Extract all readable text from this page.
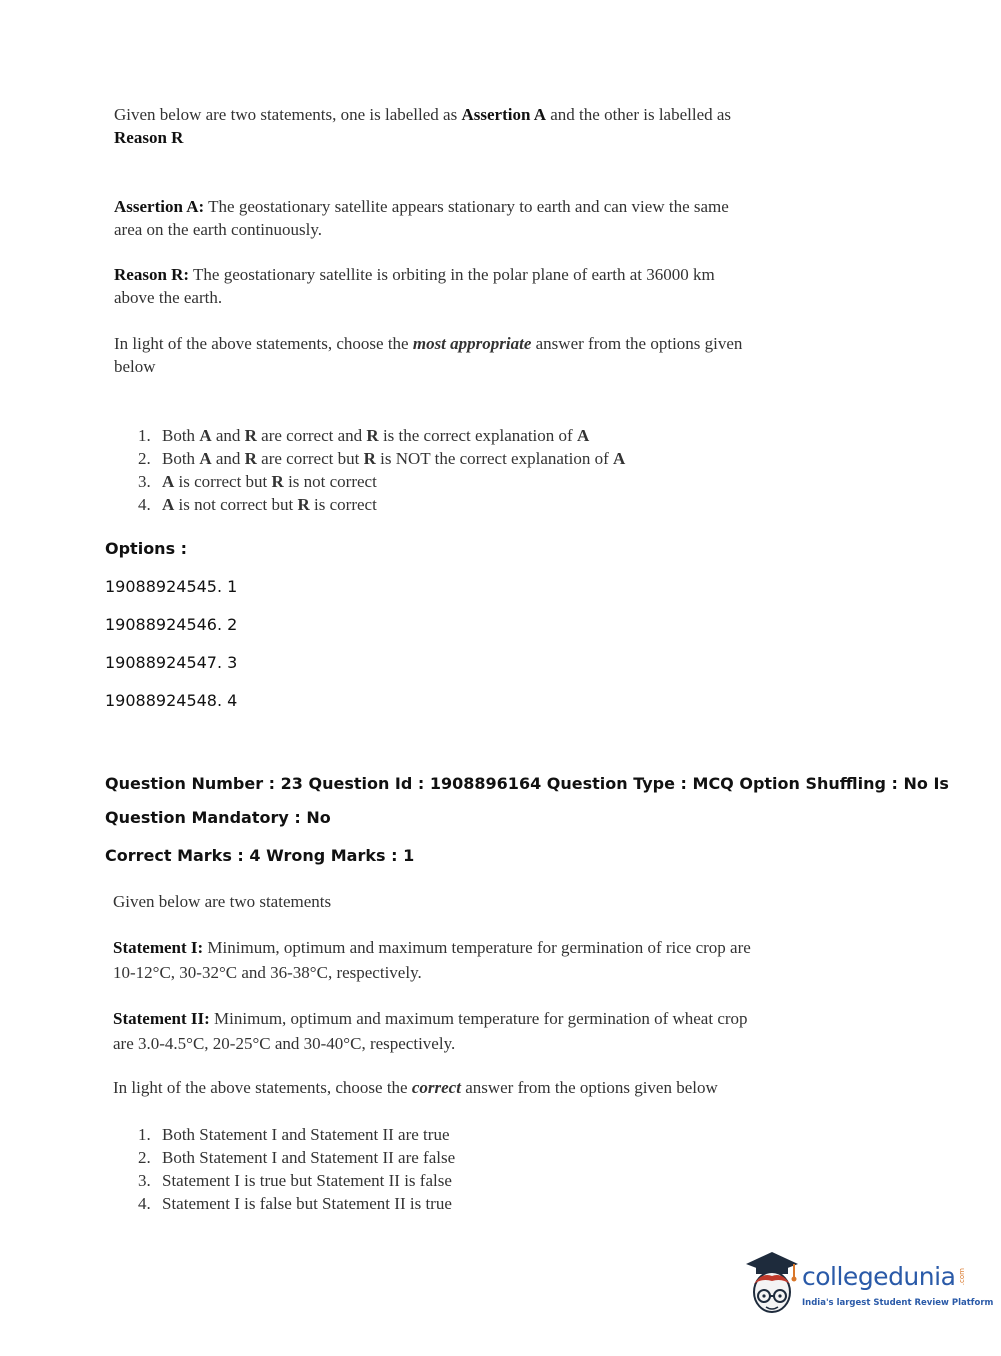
Given below are two statements, one is labelled as Assertion A and the other is labelled as
Reason R
Assertion A: The geostationary satellite appears stationary to earth and can view the same
area on the earth continuously.
Reason R: The geostationary satellite is orbiting in the polar plane of earth at 36000 km
above the earth.
In light of the above statements, choose the most appropriate answer from the options given
below
1. Both A and R are correct and R is the correct explanation of A
2. Both A and R are correct but R is NOT the correct explanation of A
3. A is correct but R is not correct
4. A is not correct but R is correct
Options :
19088924545. 1
19088924546. 2
19088924547. 3
19088924548. 4
Question Number : 23 Question Id : 1908896164 Question Type : MCQ Option Shuffling : No Is
Question Mandatory : No
Correct Marks : 4 Wrong Marks : 1
Given below are two statements
Statement I: Minimum, optimum and maximum temperature for germination of rice crop are
10-12°C, 30-32°C and 36-38°C, respectively.
Statement II: Minimum, optimum and maximum temperature for germination of wheat crop
are 3.0-4.5°C, 20-25°C and 30-40°C, respectively.
In light of the above statements, choose the correct answer from the options given below
1. Both Statement I and Statement II are true
2. Both Statement I and Statement II are false
3. Statement I is true but Statement II is false
4. Statement I is false but Statement II is true
collegedunia .com
India's largest Student Review Platform
